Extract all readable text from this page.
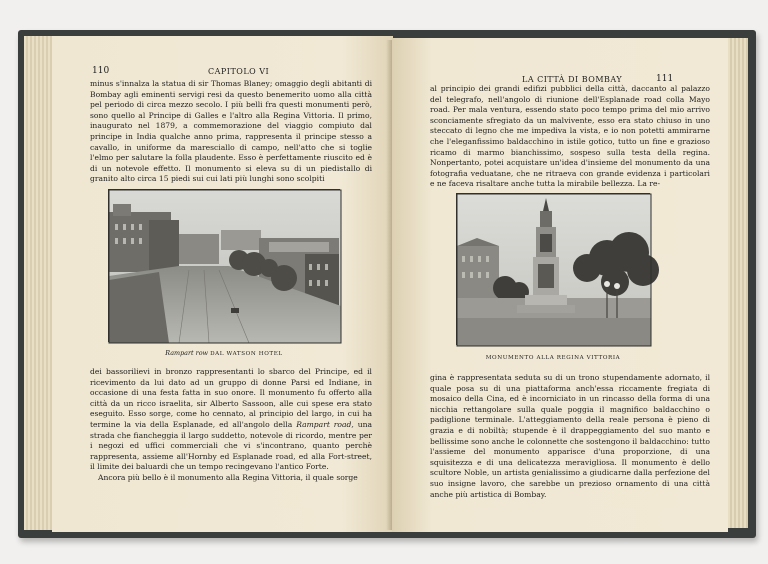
110	CAPITOLO VI

minus s'innalza la statua di sir Thomas Blaney; omaggio degli abitanti di Bombay agli eminenti servigi resi da questo benemerito uomo alla città pel periodo di circa mezzo secolo. I più belli fra questi monumenti però, sono quello al Principe di Galles e l'altro alla Regina Vittoria. Il primo, inaugurato nel 1879, a commemorazione del viaggio compiuto dal principe in India qualche anno prima, rappresenta il principe stesso a cavallo, in uniforme da maresciallo di campo, nell'atto che si toglie l'elmo per salutare la folla plaudente. Esso è perfettamente riuscito ed è di un notevole effetto. Il monumento si eleva su di un piedistallo di granito alto circa 15 piedi sui cui lati più lunghi sono scolpiti

Rampart row DAL WATSON HOTEL

dei bassorilievi in bronzo rappresentanti lo sbarco del Principe, ed il ricevimento da lui dato ad un gruppo di donne Parsi ed Indiane, in occasione di una festa fatta in suo onore. Il monumento fu offerto alla città da un ricco israelita, sir Alberto Sassoon, alle cui spese era stato eseguito. Esso sorge, come ho cennato, al principio del largo, in cui ha termine la via della Esplanade, ed all'angolo della Rampart road, una strada che fiancheggia il largo suddetto, notevole di ricordo, mentre per i negozi ed uffici commerciali che vi s'incontrano, quanto perchè rappresenta, assieme all'Hornby ed Esplanade road, ed alla Fort-street, il limite dei baluardi che un tempo recingevano l'antico Forte.

Ancora più bello è il monumento alla Regina Vittoria, il quale sorge

LA CITTÀ DI BOMBAY	111

al principio dei grandi edifizi pubblici della città, daccanto al palazzo del telegrafo, nell'angolo di riunione dell'Esplanade road colla Mayo road. Per mala ventura, essendo stato poco tempo prima del mio arrivo sconciamente sfregiato da un malvivente, esso era stato chiuso in uno steccato di legno che me impediva la vista, e io non potetti ammirarne che l'eleganfissimo baldacchino in istile gotico, tutto un fine e grazioso ricamo di marmo bianchissimo, sospeso sulla testa della regina. Nonpertanto, potei acquistare un'idea d'insieme del monumento da una fotografia veduatane, che ne ritraeva con grande evidenza i particolari e ne faceva risaltare anche tutta la mirabile bellezza. La re-

MONUMENTO ALLA REGINA VITTORIA

gina è rappresentata seduta su di un trono stupendamente adornato, il quale posa su di una piattaforma anch'essa riccamente fregiata di mosaico della Cina, ed è incorniciato in un rincasso della forma di una nicchia rettangolare sulla quale poggia il magnifico baldacchino o padiglione terminale. L'atteggiamento della reale persona è pieno di grazia e di nobiltà; stupende è il drappeggiamento del suo manto e bellissime sono anche le colonnette che sostengono il baldacchino: tutto l'assieme del monumento apparisce d'una proporzione, di una squisitezza e di una delicatezza meravigliosa. Il monumento è dello scultore Noble, un artista genialissimo a giudicarne dalla perfezione del suo insigne lavoro, che sarebbe un prezioso ornamento di una città anche più artistica di Bombay.
